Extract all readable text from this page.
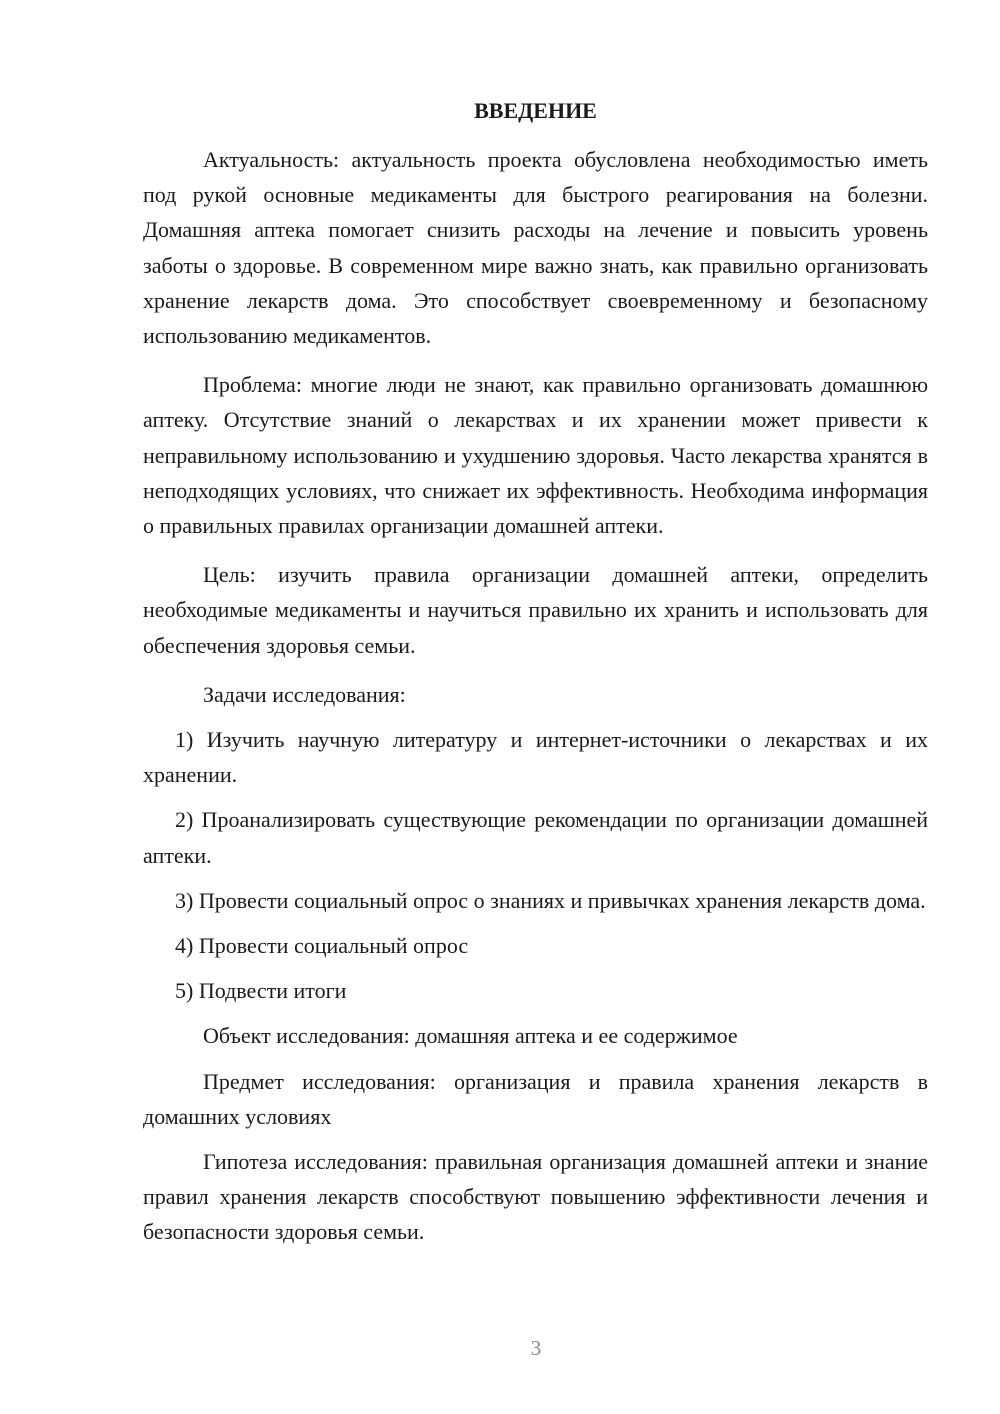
ВВЕДЕНИЕ

Актуальность: актуальность проекта обусловлена необходимостью иметь под рукой основные медикаменты для быстрого реагирования на болезни. Домашняя аптека помогает снизить расходы на лечение и повысить уровень заботы о здоровье. В современном мире важно знать, как правильно организовать хранение лекарств дома. Это способствует своевременному и безопасному использованию медикаментов.

Проблема: многие люди не знают, как правильно организовать домашнюю аптеку. Отсутствие знаний о лекарствах и их хранении может привести к неправильному использованию и ухудшению здоровья. Часто лекарства хранятся в неподходящих условиях, что снижает их эффективность. Необходима информация о правильных правилах организации домашней аптеки.

Цель: изучить правила организации домашней аптеки, определить необходимые медикаменты и научиться правильно их хранить и использовать для обеспечения здоровья семьи.

Задачи исследования:

1) Изучить научную литературу и интернет-источники о лекарствах и их хранении.

2) Проанализировать существующие рекомендации по организации домашней аптеки.

3) Провести социальный опрос о знаниях и привычках хранения лекарств дома.

4) Провести социальный опрос

5) Подвести итоги

Объект исследования: домашняя аптека и ее содержимое

Предмет исследования: организация и правила хранения лекарств в домашних условиях

Гипотеза исследования: правильная организация домашней аптеки и знание правил хранения лекарств способствуют повышению эффективности лечения и безопасности здоровья семьи.

3
